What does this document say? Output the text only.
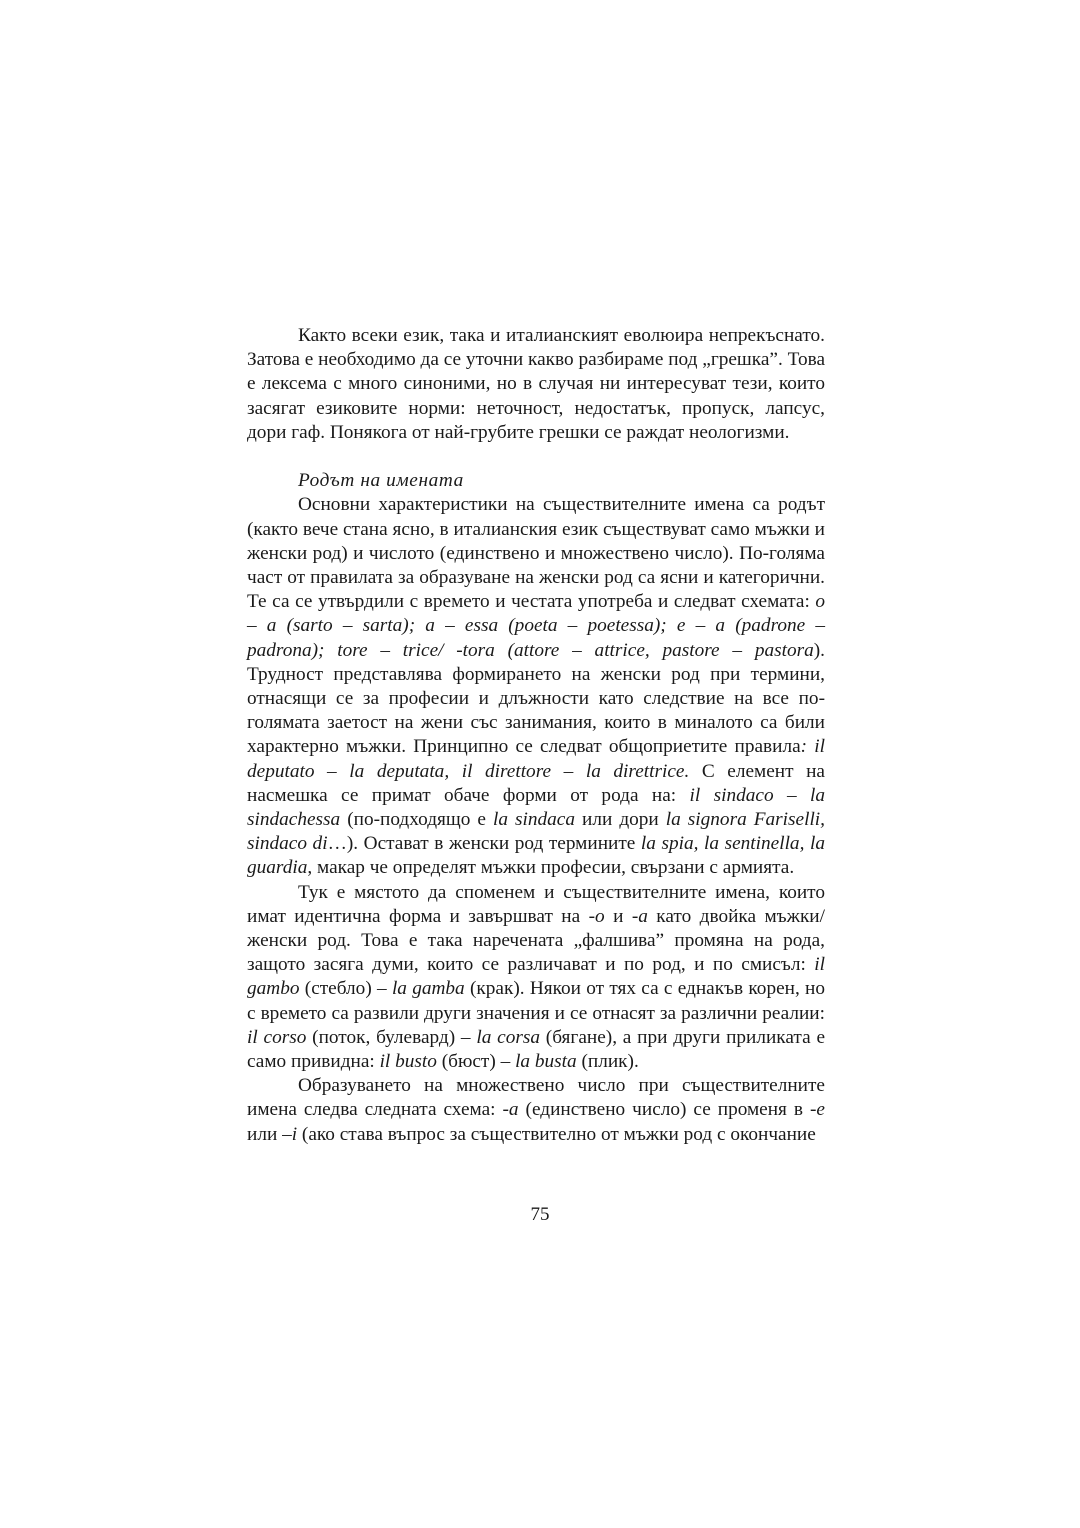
Както всеки език, така и италианският еволюира непрекъснато. Затова е необходимо да се уточни какво разбираме под „грешка”. Това е лексема с много синоними, но в случая ни интересуват тези, които засягат езиковите норми: неточност, недостатък, пропуск, лапсус, дори гаф. Понякога от най-грубите грешки се раждат неологизми.

Родът на имената

Основни характеристики на съществителните имена са родът (както вече стана ясно, в италианския език съществуват само мъжки и женски род) и числото (единствено и множествено число). По-голяма част от правилата за образуване на женски род са ясни и категорични. Те са се утвърдили с времето и честата употреба и следват схемата: o – a (sarto – sarta); a – essa (poeta – poetessa); e – a (padrone – padrona); tore – trice/ -tora (attore – attrice, pastore – pastora). Трудност представлява формирането на женски род при термини, отнасящи се за професии и длъжности като следствие на все по-голямата заетост на жени със занимания, които в миналото са били характерно мъжки. Принципно се следват общоприетите правила: il deputato – la deputata, il direttore – la direttrice. С елемент на насмешка се примат обаче форми от рода на: il sindaco – la sindachessa (по-подходящо е la sindaca или дори la signora Fariselli, sindaco di…). Остават в женски род термините la spia, la sentinella, la guardia, макар че определят мъжки професии, свързани с армията.

Тук е мястото да споменем и съществителните имена, които имат идентична форма и завършват на -o и -a като двойка мъжки/ женски род. Това е така наречената „фалшива” промяна на рода, защото засяга думи, които се различават и по род, и по смисъл: il gambo (стебло) – la gamba (крак). Някои от тях са с еднакъв корен, но с времето са развили други значения и се отнасят за различни реалии: il corso (поток, булевард) – la corsa (бягане), а при други приликата е само привидна: il busto (бюст) – la busta (плик).

Образуването на множествено число при съществителните имена следва следната схема: -a (единствено число) се променя в -e или –i (ако става въпрос за съществително от мъжки род с окончание

75
